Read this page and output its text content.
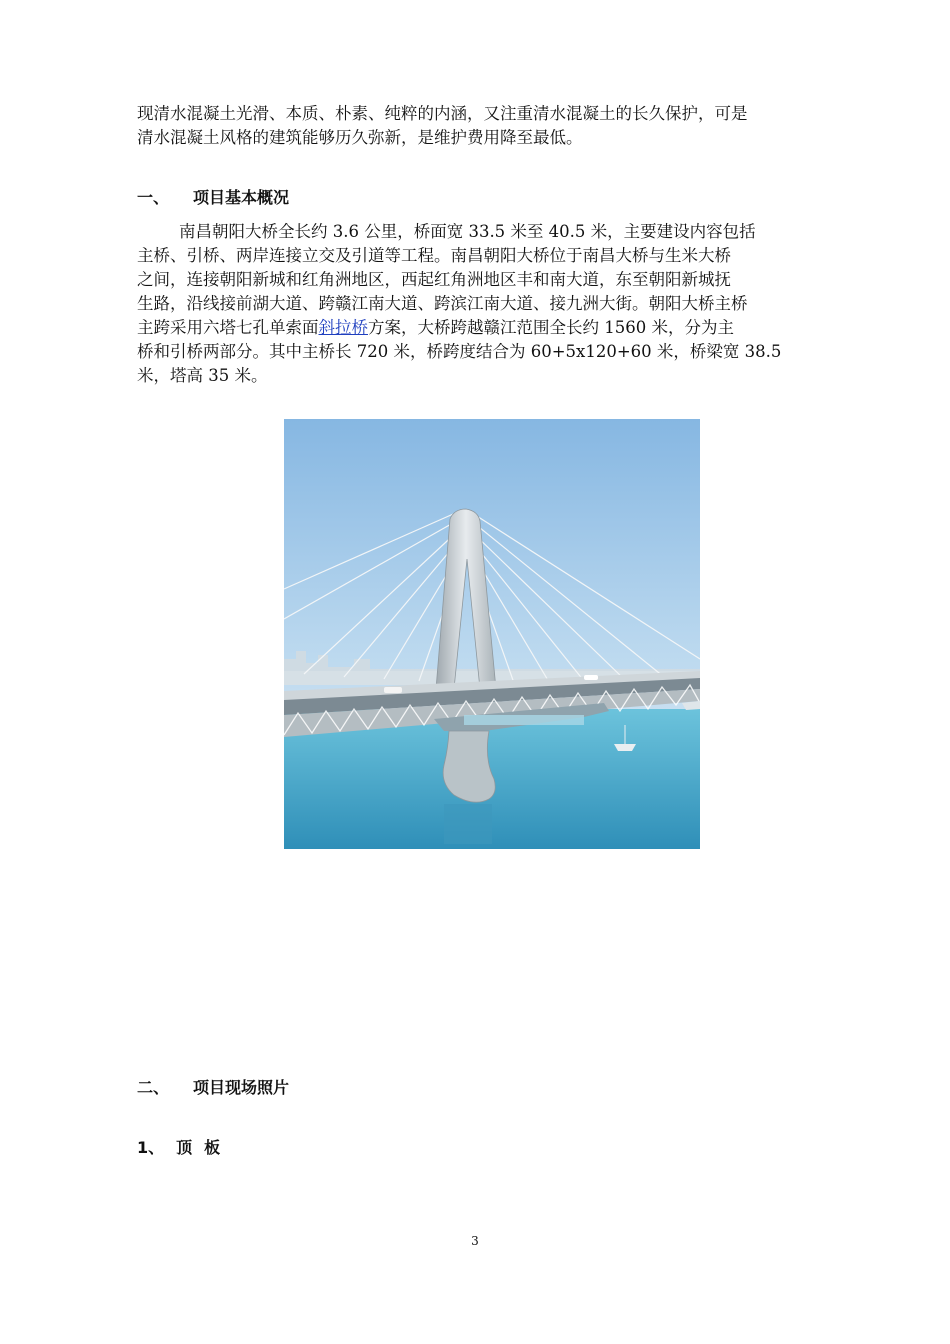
现清水混凝土光滑、本质、朴素、纯粹的内涵，又注重清水混凝土的长久保护，可是
清水混凝土风格的建筑能够历久弥新，是维护费用降至最低。

一、 项目基本概况

南昌朝阳大桥全长约 3.6 公里，桥面宽 33.5 米至 40.5 米，主要建设内容包括
主桥、引桥、两岸连接立交及引道等工程。南昌朝阳大桥位于南昌大桥与生米大桥
之间，连接朝阳新城和红角洲地区，西起红角洲地区丰和南大道，东至朝阳新城抚
生路，沿线接前湖大道、跨赣江南大道、跨滨江南大道、接九洲大街。朝阳大桥主桥
主跨采用六塔七孔单索面斜拉桥方案，大桥跨越赣江范围全长约 1560 米，分为主
桥和引桥两部分。其中主桥长 720 米，桥跨度结合为 60+5x120+60 米，桥梁宽 38.5
米，塔高 35 米。

二、 项目现场照片
1、 顶 板
3
